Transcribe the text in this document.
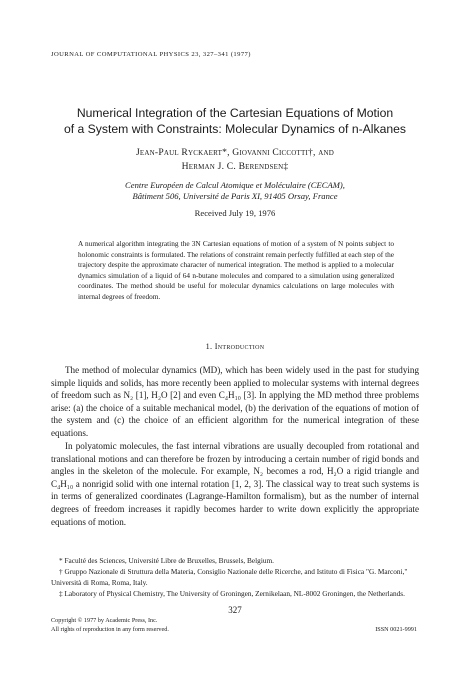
JOURNAL OF COMPUTATIONAL PHYSICS 23, 327–341 (1977)
Numerical Integration of the Cartesian Equations of Motion
of a System with Constraints: Molecular Dynamics of n-Alkanes
Jean-Paul Ryckaert*, Giovanni Ciccotti†, and
Herman J. C. Berendsen‡
Centre Européen de Calcul Atomique et Moléculaire (CECAM),
Bâtiment 506, Université de Paris XI, 91405 Orsay, France
Received July 19, 1976
A numerical algorithm integrating the 3N Cartesian equations of motion of a system of N points subject to holonomic constraints is formulated. The relations of constraint remain perfectly fulfilled at each step of the trajectory despite the approximate character of numerical integration. The method is applied to a molecular dynamics simulation of a liquid of 64 n-butane molecules and compared to a simulation using generalized coordinates. The method should be useful for molecular dynamics calculations on large molecules with internal degrees of freedom.
1. Introduction

The method of molecular dynamics (MD), which has been widely used in the past for studying simple liquids and solids, has more recently been applied to molecular systems with internal degrees of freedom such as N₂ [1], H₂O [2] and even C₄H₁₀ [3]. In applying the MD method three problems arise: (a) the choice of a suitable mechanical model, (b) the derivation of the equations of motion of the system and (c) the choice of an efficient algorithm for the numerical integration of these equations.

In polyatomic molecules, the fast internal vibrations are usually decoupled from rotational and translational motions and can therefore be frozen by introducing a certain number of rigid bonds and angles in the skeleton of the molecule. For example, N₂ becomes a rod, H₂O a rigid triangle and C₄H₁₀ a nonrigid solid with one internal rotation [1, 2, 3]. The classical way to treat such systems is in terms of generalized coordinates (Lagrange-Hamilton formalism), but as the number of internal degrees of freedom increases it rapidly becomes harder to write down explicitly the appropriate equations of motion.

* Faculté des Sciences, Université Libre de Bruxelles, Brussels, Belgium.

† Gruppo Nazionale di Struttura della Materia, Consiglio Nazionale delle Ricerche, and Istituto di Fisica "G. Marconi," Università di Roma, Roma, Italy.

‡ Laboratory of Physical Chemistry, The University of Groningen, Zernikelaan, NL-8002 Groningen, the Netherlands.

327
Copyright © 1977 by Academic Press, Inc.
All rights of reproduction in any form reserved.	ISSN 0021-9991
